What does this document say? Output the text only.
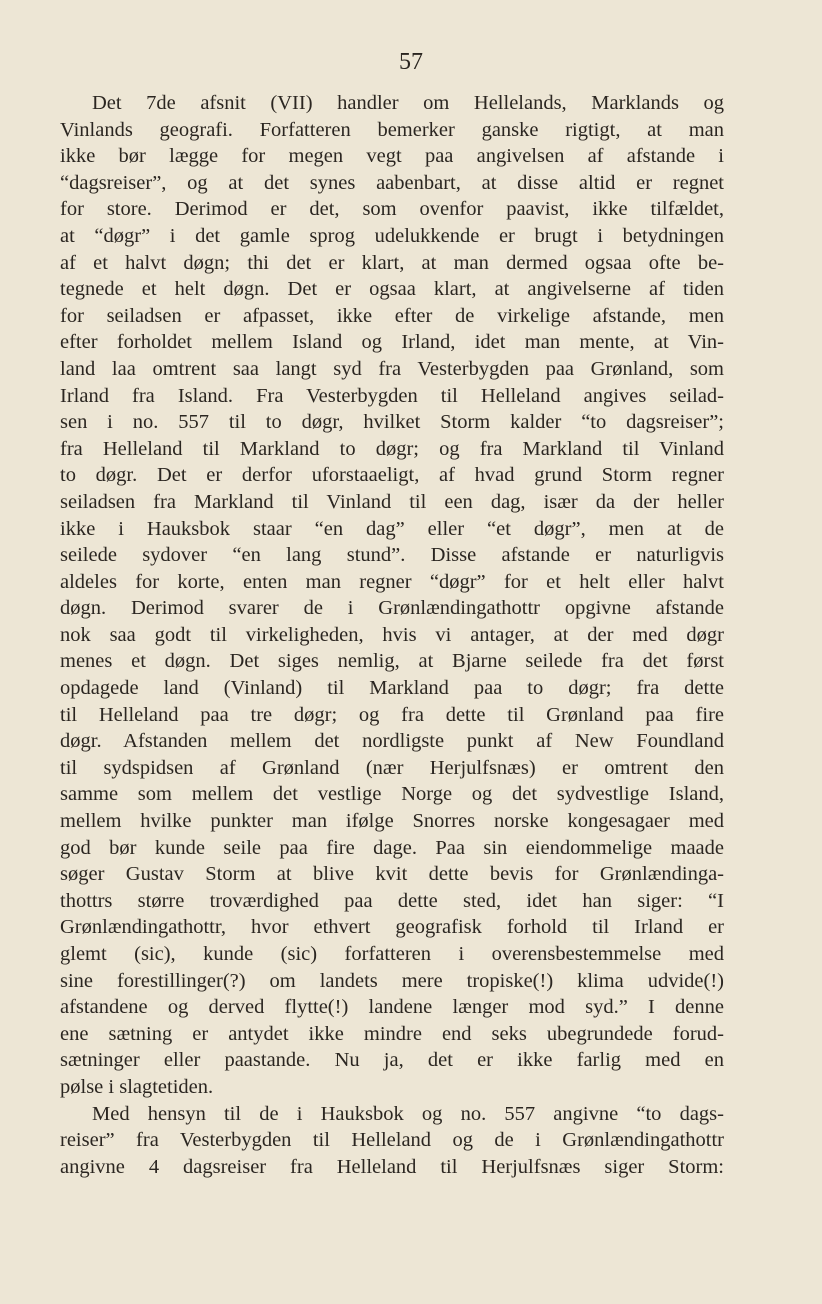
57
Det 7de afsnit (VII) handler om Hellelands, Marklands og
Vinlands geografi. Forfatteren bemerker ganske rigtigt, at man
ikke bør lægge for megen vegt paa angivelsen af afstande i
“dagsreiser”, og at det synes aabenbart, at disse altid er regnet
for store. Derimod er det, som ovenfor paavist, ikke tilfældet,
at “døgr” i det gamle sprog udelukkende er brugt i betydningen
af et halvt døgn; thi det er klart, at man dermed ogsaa ofte be-
tegnede et helt døgn. Det er ogsaa klart, at angivelserne af tiden
for seiladsen er afpasset, ikke efter de virkelige afstande, men
efter forholdet mellem Island og Irland, idet man mente, at Vin-
land laa omtrent saa langt syd fra Vesterbygden paa Grønland, som
Irland fra Island. Fra Vesterbygden til Helleland angives seilad-
sen i no. 557 til to døgr, hvilket Storm kalder “to dagsreiser”;
fra Helleland til Markland to døgr; og fra Markland til Vinland
to døgr. Det er derfor uforstaaeligt, af hvad grund Storm regner
seiladsen fra Markland til Vinland til een dag, især da der heller
ikke i Hauksbok staar “en dag” eller “et døgr”, men at de
seilede sydover “en lang stund”. Disse afstande er naturligvis
aldeles for korte, enten man regner “døgr” for et helt eller halvt
døgn. Derimod svarer de i Grønlændingathottr opgivne afstande
nok saa godt til virkeligheden, hvis vi antager, at der med døgr
menes et døgn. Det siges nemlig, at Bjarne seilede fra det først
opdagede land (Vinland) til Markland paa to døgr; fra dette
til Helleland paa tre døgr; og fra dette til Grønland paa fire
døgr. Afstanden mellem det nordligste punkt af New Foundland
til sydspidsen af Grønland (nær Herjulfsnæs) er omtrent den
samme som mellem det vestlige Norge og det sydvestlige Island,
mellem hvilke punkter man ifølge Snorres norske kongesagaer med
god bør kunde seile paa fire dage. Paa sin eiendommelige maade
søger Gustav Storm at blive kvit dette bevis for Grønlændinga-
thottrs større troværdighed paa dette sted, idet han siger: “I
Grønlændingathottr, hvor ethvert geografisk forhold til Irland er
glemt (sic), kunde (sic) forfatteren i overensbestemmelse med
sine forestillinger(?) om landets mere tropiske(!) klima udvide(!)
afstandene og derved flytte(!) landene længer mod syd.” I denne
ene sætning er antydet ikke mindre end seks ubegrundede forud-
sætninger eller paastande. Nu ja, det er ikke farlig med en
pølse i slagtetiden.
Med hensyn til de i Hauksbok og no. 557 angivne “to dags-
reiser” fra Vesterbygden til Helleland og de i Grønlændingathottr
angivne 4 dagsreiser fra Helleland til Herjulfsnæs siger Storm:
